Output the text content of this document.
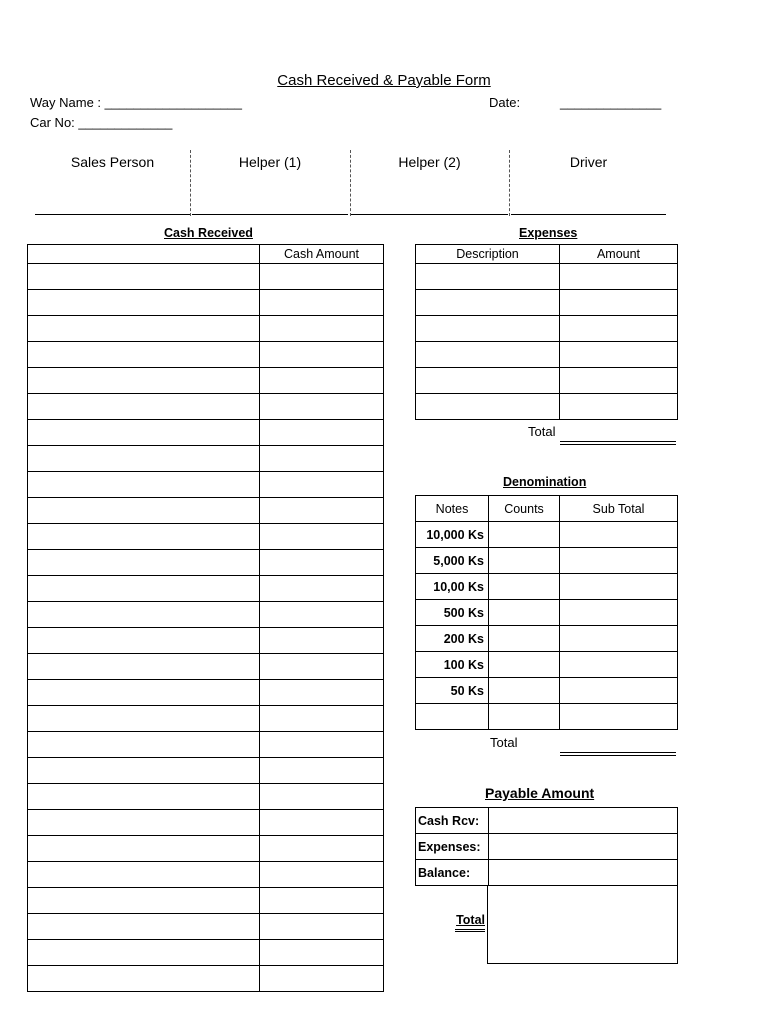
Cash Received & Payable Form
Way Name : ___________________
Car No: _____________
Date:	______________
Sales Person	Helper (1)	Helper (2)	Driver
Cash Received
	Cash Amount

Expenses
Description	Amount

Total
Denomination
Notes	Counts	Sub Total
10,000 Ks		
5,000 Ks		
10,00 Ks		
500 Ks		
200 Ks		
100 Ks		
50 Ks		

Total
Payable Amount
Cash Rcv:	
Expenses:	
Balance:	
Total
